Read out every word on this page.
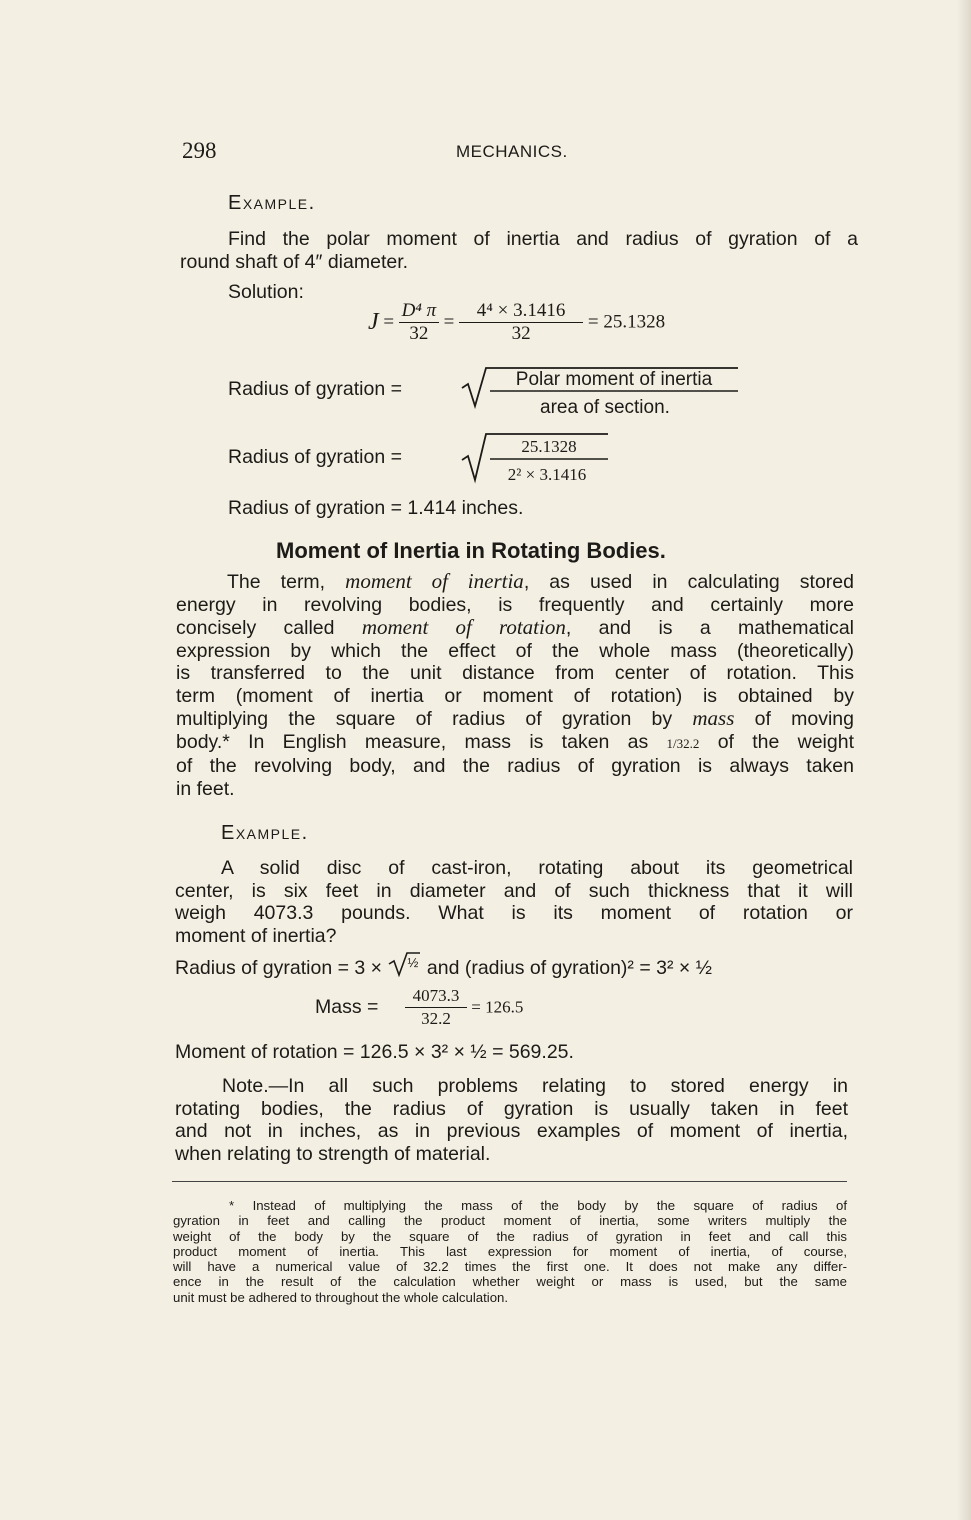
298	MECHANICS.
Example.
Find the polar moment of inertia and radius of gyration of a
round shaft of 4″ diameter.
Solution:
$J = \frac{\text{D⁴ π}}{32} = \frac{\text{4⁴ × 3.1416}}{32} = 25.1328$
Radius of gyration =	Polar moment of inertia
area of section.
Radius of gyration =	25.1328
2² × 3.1416
Radius of gyration = 1.414 inches.
Moment of Inertia in Rotating Bodies.
The term, moment of inertia, as used in calculating stored
energy in revolving bodies, is frequently and certainly more
concisely called moment of rotation, and is a mathematical
expression by which the effect of the whole mass (theoretically)
is transferred to the unit distance from center of rotation. This
term (moment of inertia or moment of rotation) is obtained by
multiplying the square of radius of gyration by mass of moving
body.* In English measure, mass is taken as 1/32.2 of the weight
of the revolving body, and the radius of gyration is always taken
in feet.
Example.
A solid disc of cast-iron, rotating about its geometrical
center, is six feet in diameter and of such thickness that it will
weigh 4073.3 pounds. What is its moment of rotation or
moment of inertia?
Radius of gyration = 3 × ½ and (radius of gyration)² = 3² × ½
Mass = $\frac{4073.3}{32.2} = 126.5$
Moment of rotation = 126.5 × 3² × ½ = 569.25.
Note.—In all such problems relating to stored energy in
rotating bodies, the radius of gyration is usually taken in feet
and not in inches, as in previous examples of moment of inertia,
when relating to strength of material.
* Instead of multiplying the mass of the body by the square of radius of
gyration in feet and calling the product moment of inertia, some writers multiply the
weight of the body by the square of the radius of gyration in feet and call this
product moment of inertia. This last expression for moment of inertia, of course,
will have a numerical value of 32.2 times the first one. It does not make any differ-
ence in the result of the calculation whether weight or mass is used, but the same
unit must be adhered to throughout the whole calculation.
